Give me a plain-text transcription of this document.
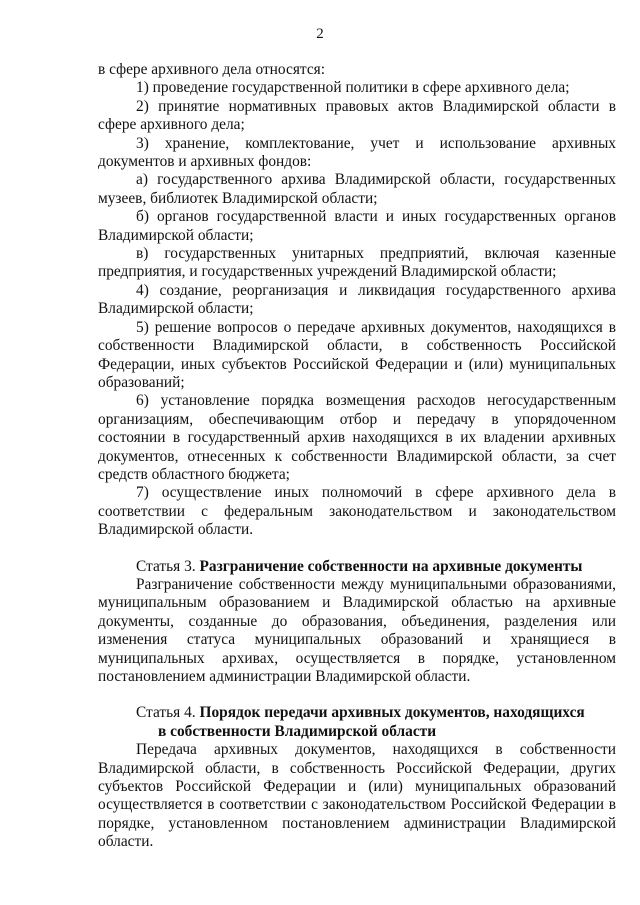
2

в сфере архивного дела относятся:

1) проведение государственной политики в сфере архивного дела;

2) принятие нормативных правовых актов Владимирской области в сфере архивного дела;

3) хранение, комплектование, учет и использование архивных документов и архивных фондов:

а) государственного архива Владимирской области, государственных музеев, библиотек Владимирской области;

б) органов государственной власти и иных государственных органов Владимирской области;

в) государственных унитарных предприятий, включая казенные предприятия, и государственных учреждений Владимирской области;

4) создание, реорганизация и ликвидация государственного архива Владимирской области;

5) решение вопросов о передаче архивных документов, находящихся в собственности Владимирской области, в собственность Российской Федерации, иных субъектов Российской Федерации и (или) муниципальных образований;

6) установление порядка возмещения расходов негосударственным организациям, обеспечивающим отбор и передачу в упорядоченном состоянии в государственный архив находящихся в их владении архивных документов, отнесенных к собственности Владимирской области, за счет средств областного бюджета;

7) осуществление иных полномочий в сфере архивного дела в соответствии с федеральным законодательством и законодательством Владимирской области.

Статья 3. Разграничение собственности на архивные документы

Разграничение собственности между муниципальными образованиями, муниципальным образованием и Владимирской областью на архивные документы, созданные до образования, объединения, разделения или изменения статуса муниципальных образований и хранящиеся в муниципальных архивах, осуществляется в порядке, установленном постановлением администрации Владимирской области.

Статья 4. Порядок передачи архивных документов, находящихся
в собственности Владимирской области

Передача архивных документов, находящихся в собственности Владимирской области, в собственность Российской Федерации, других субъектов Российской Федерации и (или) муниципальных образований осуществляется в соответствии с законодательством Российской Федерации в порядке, установленном постановлением администрации Владимирской области.
